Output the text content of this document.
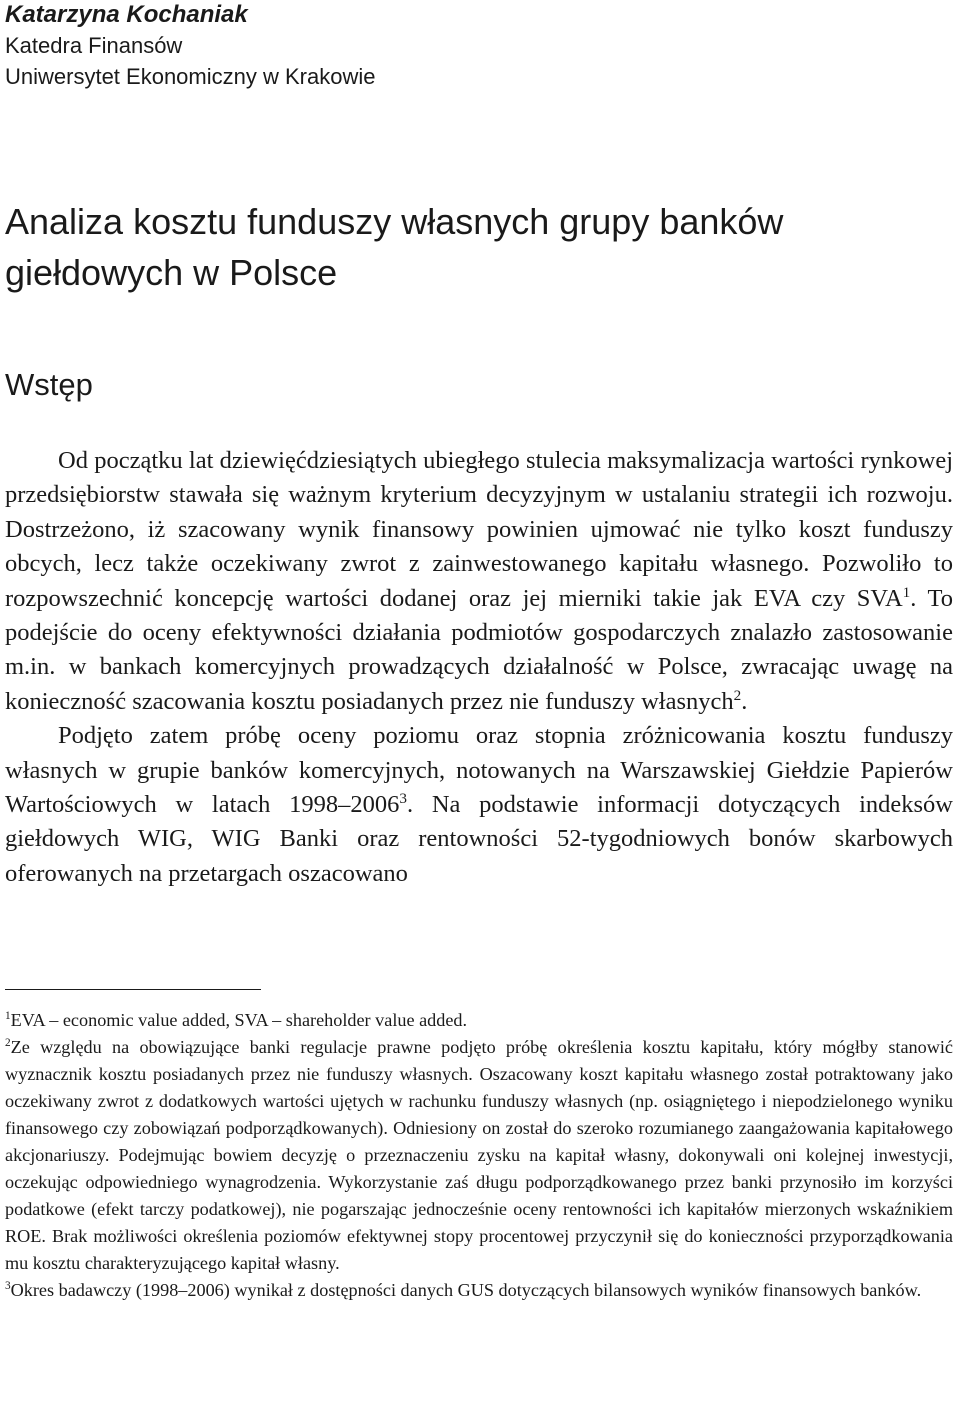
Katarzyna Kochaniak
Katedra Finansów
Uniwersytet Ekonomiczny w Krakowie
Analiza kosztu funduszy własnych grupy banków giełdowych w Polsce
Wstęp

Od początku lat dziewięćdziesiątych ubiegłego stulecia maksymalizacja wartości rynkowej przedsiębiorstw stawała się ważnym kryterium decyzyjnym w ustalaniu strategii ich rozwoju. Dostrzeżono, iż szacowany wynik finansowy powinien ujmować nie tylko koszt funduszy obcych, lecz także oczekiwany zwrot z zainwestowanego kapitału własnego. Pozwoliło to rozpowszechnić koncepcję wartości dodanej oraz jej mierniki takie jak EVA czy SVA$^1$. To podejście do oceny efektywności działania podmiotów gospodarczych znalazło zastosowanie m.in. w bankach komercyjnych prowadzących działalność w Polsce, zwracając uwagę na konieczność szacowania kosztu posiadanych przez nie funduszy własnych$^2$.

Podjęto zatem próbę oceny poziomu oraz stopnia zróżnicowania kosztu funduszy własnych w grupie banków komercyjnych, notowanych na Warszawskiej Giełdzie Papierów Wartościowych w latach 1998–2006$^3$. Na podstawie informacji dotyczących indeksów giełdowych WIG, WIG Banki oraz rentowności 52-tygodniowych bonów skarbowych oferowanych na przetargach oszacowano

$^1$EVA – economic value added, SVA – shareholder value added.

$^2$Ze względu na obowiązujące banki regulacje prawne podjęto próbę określenia kosztu kapitału, który mógłby stanowić wyznacznik kosztu posiadanych przez nie funduszy własnych. Oszacowany koszt kapitału własnego został potraktowany jako oczekiwany zwrot z dodatkowych wartości ujętych w rachunku funduszy własnych (np. osiągniętego i niepodzielonego wyniku finansowego czy zobowiązań podporządkowanych). Odniesiony on został do szeroko rozumianego zaangażowania kapitałowego akcjonariuszy. Podejmując bowiem decyzję o przeznaczeniu zysku na kapitał własny, dokonywali oni kolejnej inwestycji, oczekując odpowiedniego wynagrodzenia. Wykorzystanie zaś długu podporządkowanego przez banki przynosiło im korzyści podatkowe (efekt tarczy podatkowej), nie pogarszając jednocześnie oceny rentowności ich kapitałów mierzonych wskaźnikiem ROE. Brak możliwości określenia poziomów efektywnej stopy procentowej przyczynił się do konieczności przyporządkowania mu kosztu charakteryzującego kapitał własny.

$^3$Okres badawczy (1998–2006) wynikał z dostępności danych GUS dotyczących bilansowych wyników finansowych banków.
